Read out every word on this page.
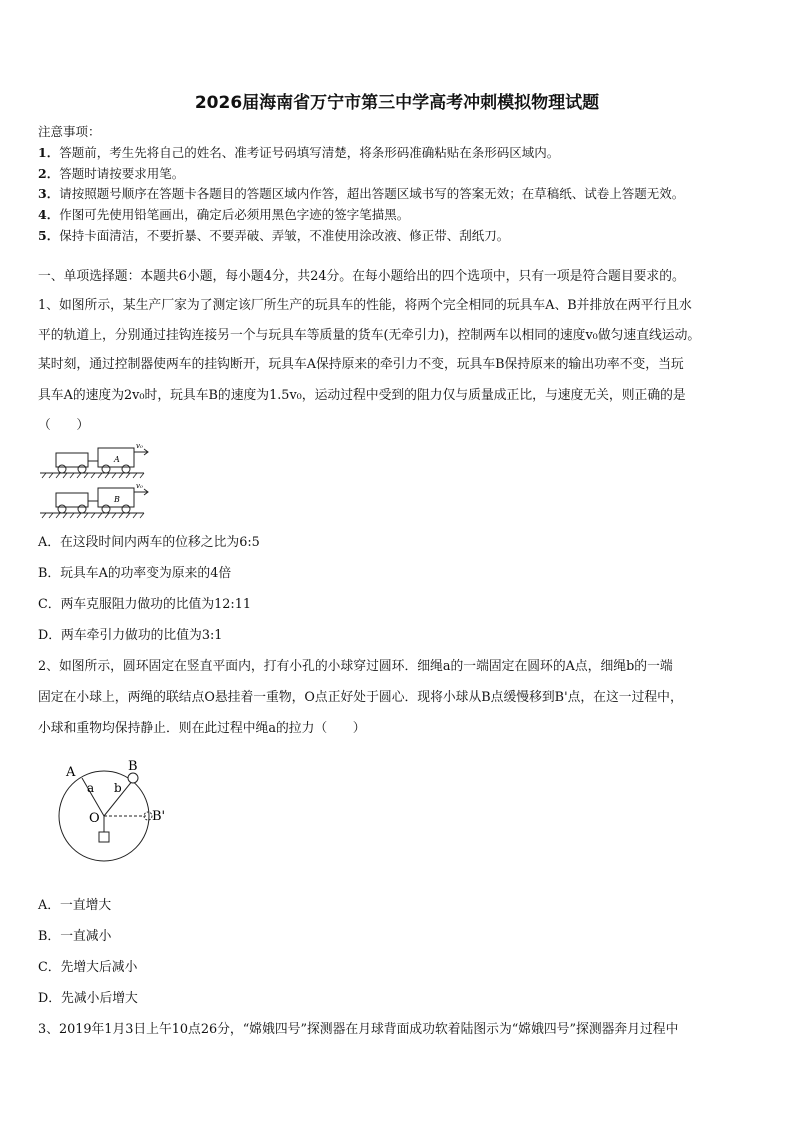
2026届海南省万宁市第三中学高考冲刺模拟物理试题
注意事项：
1．答题前，考生先将自己的姓名、准考证号码填写清楚，将条形码准确粘贴在条形码区域内。
2．答题时请按要求用笔。
3．请按照题号顺序在答题卡各题目的答题区域内作答，超出答题区域书写的答案无效；在草稿纸、试卷上答题无效。
4．作图可先使用铅笔画出，确定后必须用黑色字迹的签字笔描黑。
5．保持卡面清洁，不要折暴、不要弄破、弄皱，不准使用涂改液、修正带、刮纸刀。
一、单项选择题：本题共6小题，每小题4分，共24分。在每小题给出的四个选项中，只有一项是符合题目要求的。
1、如图所示，某生产厂家为了测定该厂所生产的玩具车的性能，将两个完全相同的玩具车A、B并排放在两平行且水
平的轨道上，分别通过挂钩连接另一个与玩具车等质量的货车(无牵引力)，控制两车以相同的速度v₀做匀速直线运动。
某时刻，通过控制器使两车的挂钩断开，玩具车A保持原来的牵引力不变，玩具车B保持原来的输出功率不变，当玩
具车A的速度为2v₀时，玩具车B的速度为1.5v₀，运动过程中受到的阻力仅与质量成正比，与速度无关，则正确的是
（　　）
A
B
v₀
v₀
A．在这段时间内两车的位移之比为6:5
B．玩具车A的功率变为原来的4倍
C．两车克服阻力做功的比值为12:11
D．两车牵引力做功的比值为3:1
2、如图所示，圆环固定在竖直平面内，打有小孔的小球穿过圆环．细绳a的一端固定在圆环的A点，细绳b的一端
固定在小球上，两绳的联结点O悬挂着一重物，O点正好处于圆心．现将小球从B点缓慢移到B'点，在这一过程中，
小球和重物均保持静止．则在此过程中绳a的拉力（　　）
A	B
B'
O
a b
A．一直增大
B．一直减小
C．先增大后减小
D．先减小后增大
3、2019年1月3日上午10点26分，“嫦娥四号”探测器在月球背面成功软着陆图示为“嫦娥四号”探测器奔月过程中
